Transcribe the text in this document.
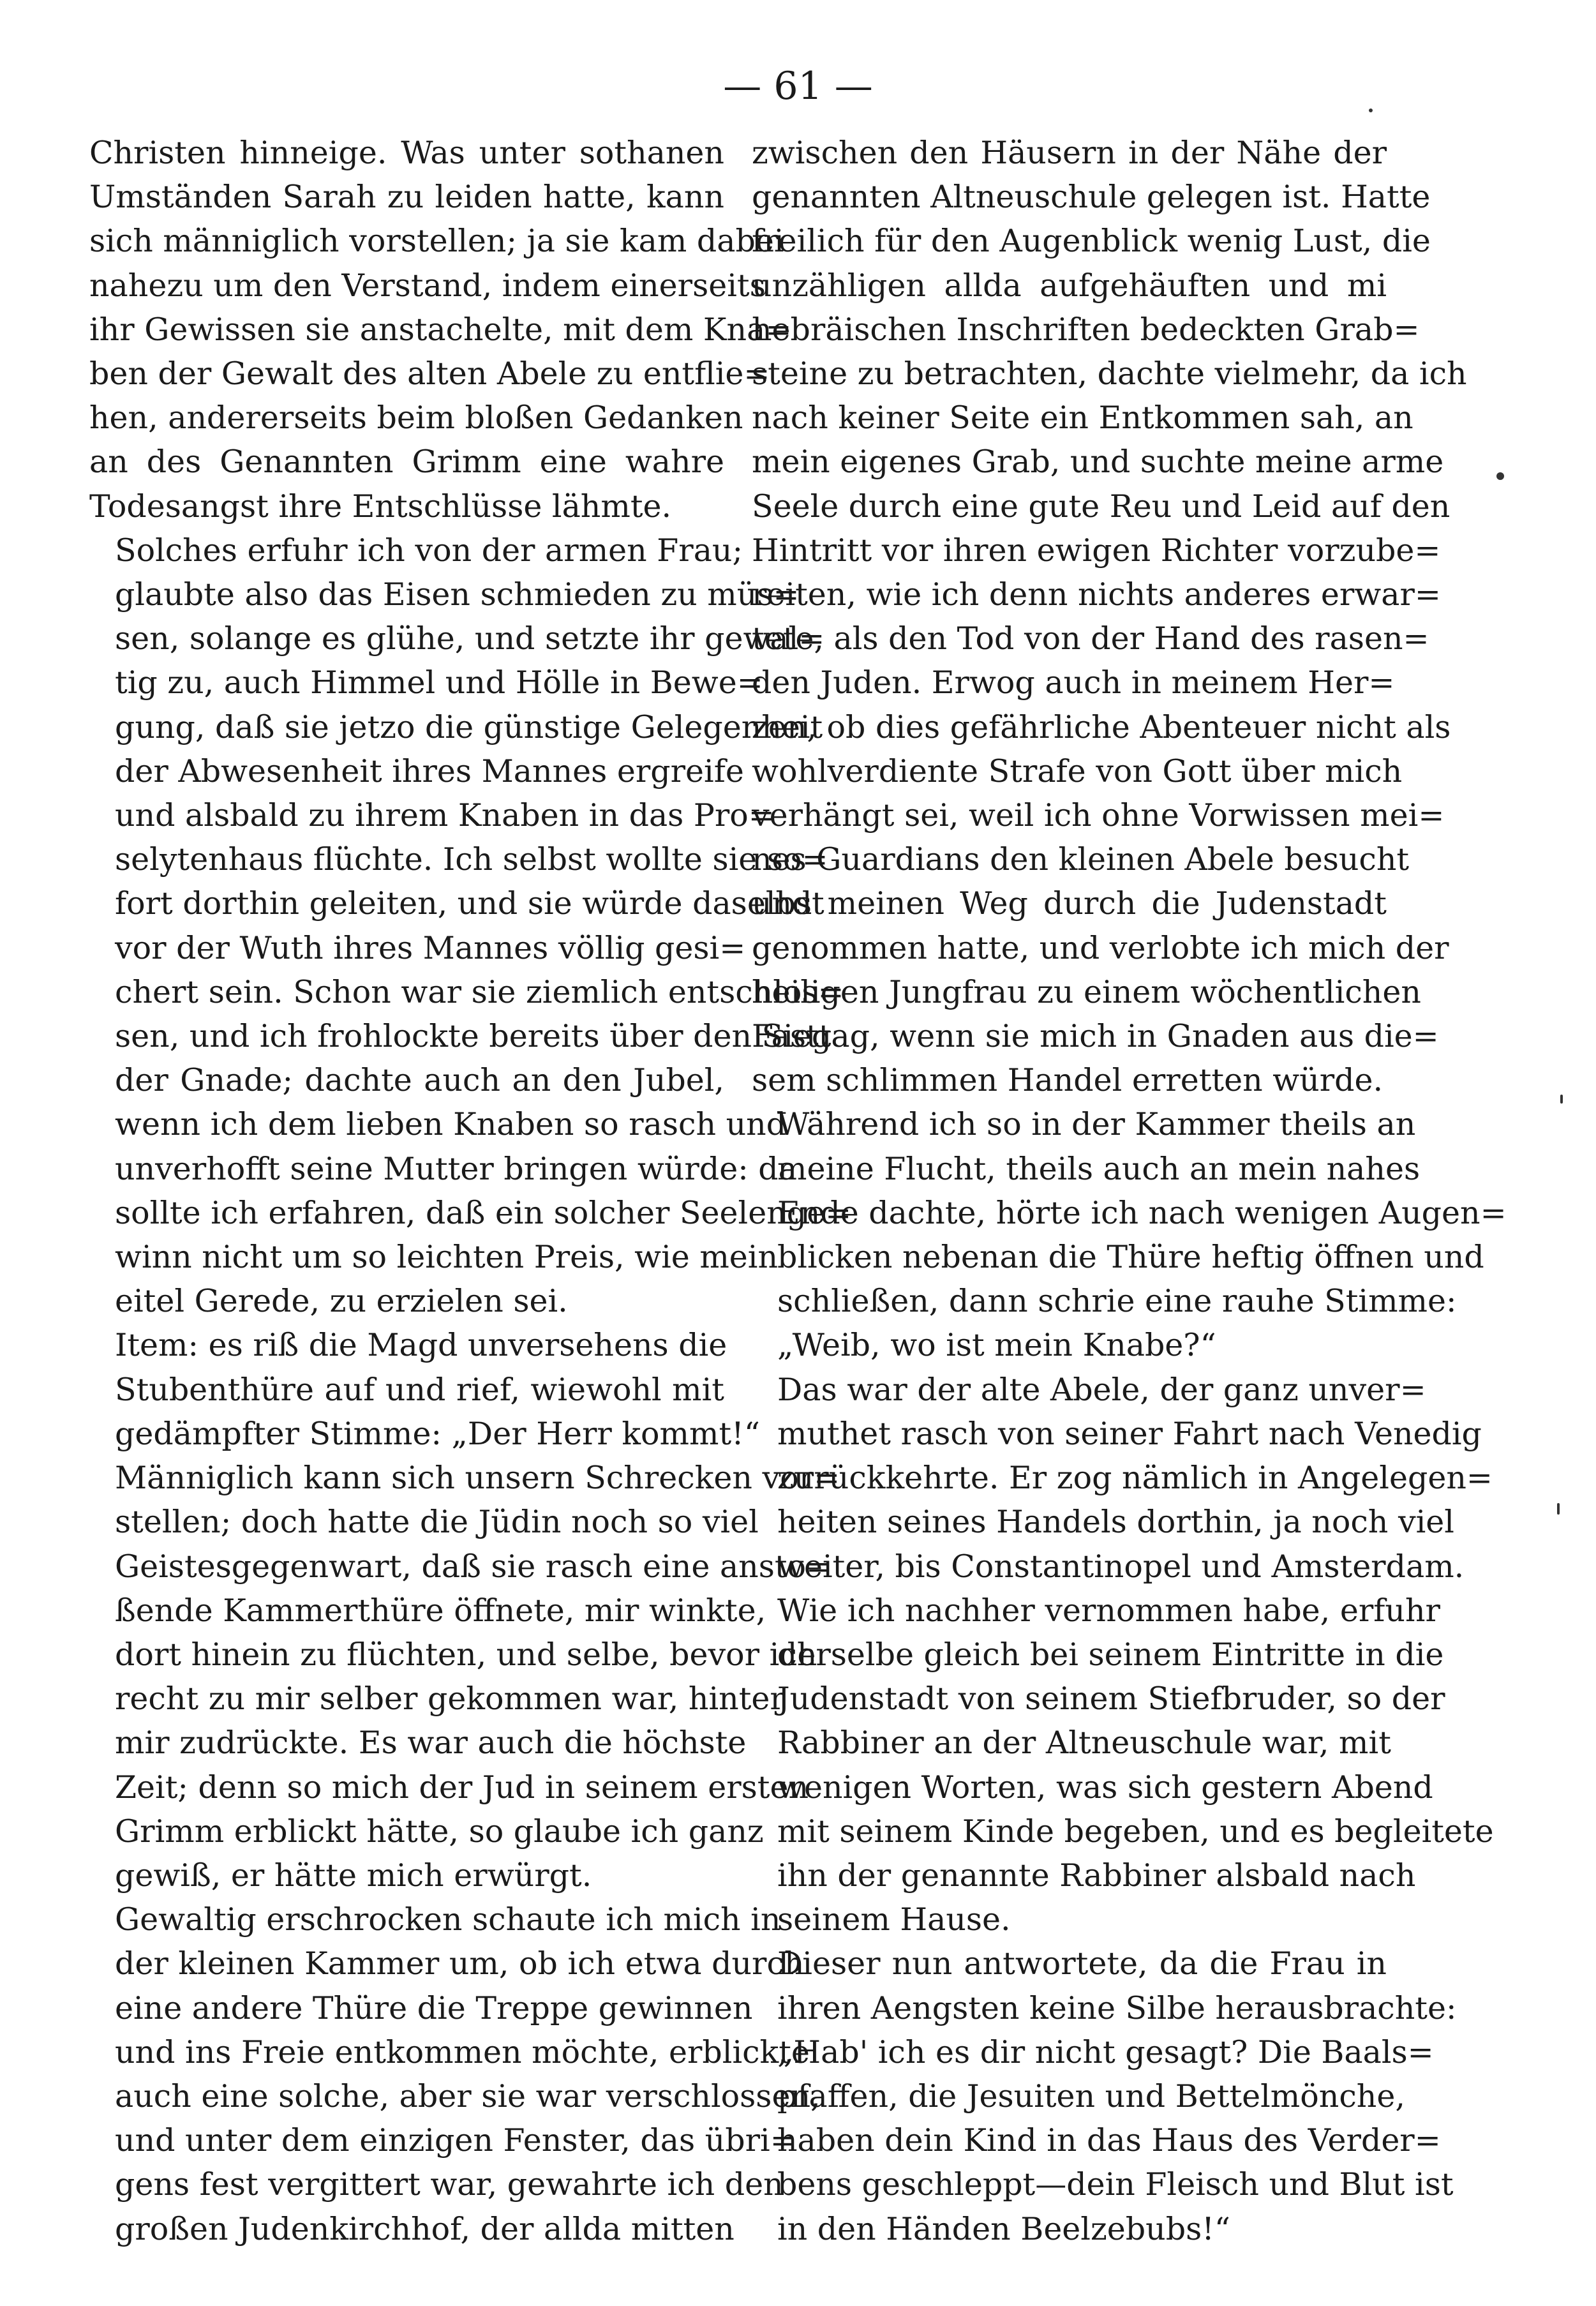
— 61 —

Christen hinneige. Was unter sothanen
Umständen Sarah zu leiden hatte, kann
sich männiglich vorstellen; ja sie kam dabei
nahezu um den Verstand, indem einerseits
ihr Gewissen sie anstachelte, mit dem Kna=
ben der Gewalt des alten Abele zu entflie=
hen, andererseits beim bloßen Gedanken
an des Genannten Grimm eine wahre
Todesangst ihre Entschlüsse lähmte.

Solches erfuhr ich von der armen Frau;
glaubte also das Eisen schmieden zu müs=
sen, solange es glühe, und setzte ihr gewal=
tig zu, auch Himmel und Hölle in Bewe=
gung, daß sie jetzo die günstige Gelegenheit
der Abwesenheit ihres Mannes ergreife
und alsbald zu ihrem Knaben in das Pro=
selytenhaus flüchte. Ich selbst wollte sie so=
fort dorthin geleiten, und sie würde daselbst
vor der Wuth ihres Mannes völlig gesi=
chert sein. Schon war sie ziemlich entschlos=
sen, und ich frohlockte bereits über den Sieg
der Gnade; dachte auch an den Jubel,
wenn ich dem lieben Knaben so rasch und
unverhofft seine Mutter bringen würde: da
sollte ich erfahren, daß ein solcher Seelenge=
winn nicht um so leichten Preis, wie mein
eitel Gerede, zu erzielen sei.

Item: es riß die Magd unversehens die
Stubenthüre auf und rief, wiewohl mit
gedämpfter Stimme: „Der Herr kommt!“
Männiglich kann sich unsern Schrecken vor=
stellen; doch hatte die Jüdin noch so viel
Geistesgegenwart, daß sie rasch eine ansto=
ßende Kammerthüre öffnete, mir winkte,
dort hinein zu flüchten, und selbe, bevor ich
recht zu mir selber gekommen war, hinter
mir zudrückte. Es war auch die höchste
Zeit; denn so mich der Jud in seinem ersten
Grimm erblickt hätte, so glaube ich ganz
gewiß, er hätte mich erwürgt.

Gewaltig erschrocken schaute ich mich in
der kleinen Kammer um, ob ich etwa durch
eine andere Thüre die Treppe gewinnen
und ins Freie entkommen möchte, erblickte
auch eine solche, aber sie war verschlossen,
und unter dem einzigen Fenster, das übri=
gens fest vergittert war, gewahrte ich den
großen Judenkirchhof, der allda mitten

zwischen den Häusern in der Nähe der
genannten Altneuschule gelegen ist. Hatte
freilich für den Augenblick wenig Lust, die
unzähligen allda aufgehäuften und mi
hebräischen Inschriften bedeckten Grab=
steine zu betrachten, dachte vielmehr, da ich
nach keiner Seite ein Entkommen sah, an
mein eigenes Grab, und suchte meine arme
Seele durch eine gute Reu und Leid auf den
Hintritt vor ihren ewigen Richter vorzube=
reiten, wie ich denn nichts anderes erwar=
tete, als den Tod von der Hand des rasen=
den Juden. Erwog auch in meinem Her=
zen, ob dies gefährliche Abenteuer nicht als
wohlverdiente Strafe von Gott über mich
verhängt sei, weil ich ohne Vorwissen mei=
nes Guardians den kleinen Abele besucht
und meinen Weg durch die Judenstadt
genommen hatte, und verlobte ich mich der
heiligen Jungfrau zu einem wöchentlichen
Fasttag, wenn sie mich in Gnaden aus die=
sem schlimmen Handel erretten würde.

Während ich so in der Kammer theils an
meine Flucht, theils auch an mein nahes
Ende dachte, hörte ich nach wenigen Augen=
blicken nebenan die Thüre heftig öffnen und
schließen, dann schrie eine rauhe Stimme:
„Weib, wo ist mein Knabe?“

Das war der alte Abele, der ganz unver=
muthet rasch von seiner Fahrt nach Venedig
zurückkehrte. Er zog nämlich in Angelegen=
heiten seines Handels dorthin, ja noch viel
weiter, bis Constantinopel und Amsterdam.
Wie ich nachher vernommen habe, erfuhr
derselbe gleich bei seinem Eintritte in die
Judenstadt von seinem Stiefbruder, so der
Rabbiner an der Altneuschule war, mit
wenigen Worten, was sich gestern Abend
mit seinem Kinde begeben, und es begleitete
ihn der genannte Rabbiner alsbald nach
seinem Hause.

Dieser nun antwortete, da die Frau in
ihren Aengsten keine Silbe herausbrachte:
„Hab' ich es dir nicht gesagt? Die Baals=
pfaffen, die Jesuiten und Bettelmönche,
haben dein Kind in das Haus des Verder=
bens geschleppt—dein Fleisch und Blut ist
in den Händen Beelzebubs!“
